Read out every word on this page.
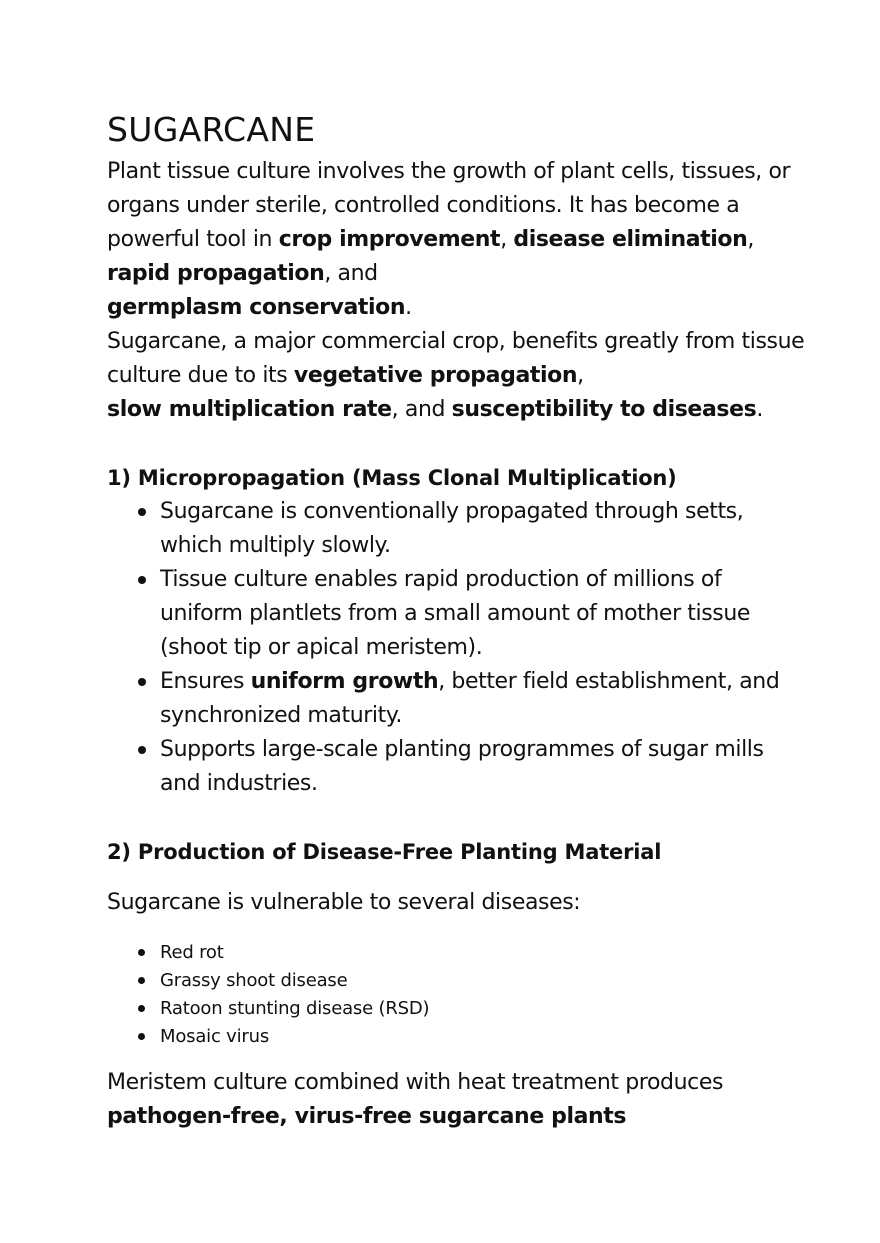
SUGARCANE

Plant tissue culture involves the growth of plant cells, tissues, or organs under sterile, controlled conditions. It has become a powerful tool in crop improvement, disease elimination, rapid propagation, and
germplasm conservation.

Sugarcane, a major commercial crop, benefits greatly from tissue culture due to its vegetative propagation,
slow multiplication rate, and susceptibility to diseases.

1) Micropropagation (Mass Clonal Multiplication)
Sugarcane is conventionally propagated through setts, which multiply slowly.
Tissue culture enables rapid production of millions of uniform plantlets from a small amount of mother tissue (shoot tip or apical meristem).
Ensures uniform growth, better field establishment, and synchronized maturity.
Supports large-scale planting programmes of sugar mills and industries.
2) Production of Disease-Free Planting Material

Sugarcane is vulnerable to several diseases:

Red rot
Grassy shoot disease
Ratoon stunting disease (RSD)
Mosaic virus

Meristem culture combined with heat treatment produces
pathogen-free, virus-free sugarcane plants
